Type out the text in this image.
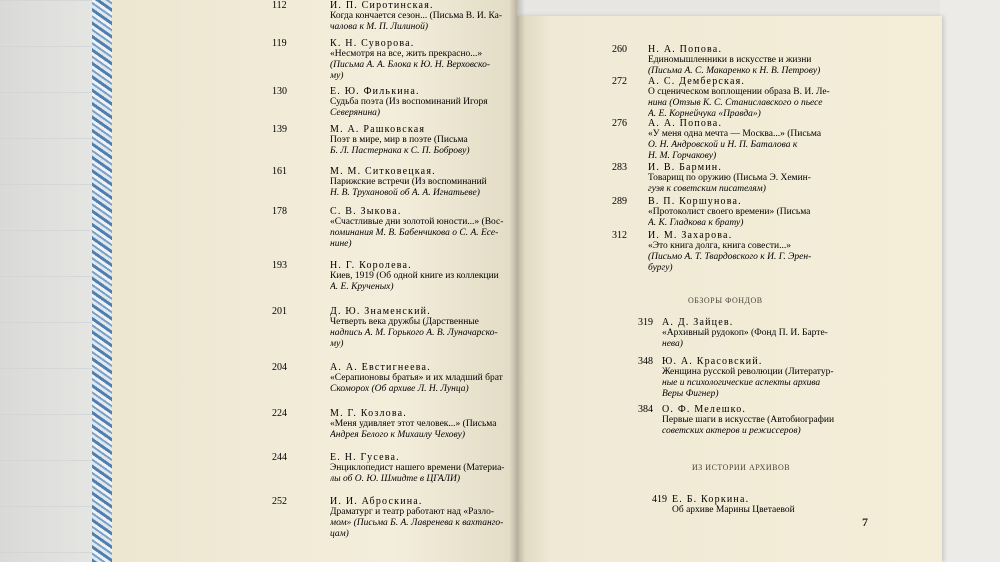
112	И. П. Сиротинская.
Когда кончается сезон... (Письма В. И. Ка-
чалова к М. П. Лилиной)
119	К. Н. Суворова.
«Несмотря на все, жить прекрасно...»
(Письма А. А. Блока к Ю. Н. Верховско-
му)
130	Е. Ю. Филькина.
Судьба поэта (Из воспоминаний Игоря
Северянина)
139	М. А. Рашковская
Поэт в мире, мир в поэте (Письма
Б. Л. Пастернака к С. П. Боброву)
161	М. М. Ситковецкая.
Парижские встречи (Из воспоминаний
Н. В. Трухановой об А. А. Игнатьеве)
178	С. В. Зыкова.
«Счастливые дни золотой юности...» (Вос-
поминания М. В. Бабенчикова о С. А. Есе-
нине)
193	Н. Г. Королева.
Киев, 1919 (Об одной книге из коллекции
А. Е. Крученых)
201	Д. Ю. Знаменский.
Четверть века дружбы (Дарственные
надпись А. М. Горького А. В. Луначарско-
му)
204	А. А. Евстигнеева.
«Серапионовы братья» и их младший брат
Скоморох (Об архиве Л. Н. Лунца)
224	М. Г. Козлова.
«Меня удивляет этот человек...» (Письма
Андрея Белого к Михаилу Чехову)
244	Е. Н. Гусева.
Энциклопедист нашего времени (Материа-
лы об О. Ю. Шмидте в ЦГАЛИ)
252	И. И. Аброскина.
Драматург и театр работают над «Разло-
мом» (Письма Б. А. Лавренева к вахтанго-
цам)
260 Н. А. Попова.
Единомышленники в искусстве и жизни
(Письма А. С. Макаренко к Н. В. Петрову)
272 А. С. Демберская.
О сценическом воплощении образа В. И. Ле-
нина (Отзыв К. С. Станиславского о пьесе
А. Е. Корнейчука «Правда»)
276 А. А. Попова.
«У меня одна мечта — Москва...» (Письма
О. Н. Андровской и Н. П. Баталова к
Н. М. Горчакову)
283 И. В. Бармин.
Товарищ по оружию (Письма Э. Хемин-
гуэя к советским писателям)
289 В. П. Коршунова.
«Протоколист своего времени» (Письма
А. К. Гладкова к брату)
312 И. М. Захарова.
«Это книга долга, книга совести...»
(Письмо А. Т. Твардовского к И. Г. Эрен-
бургу)
319 А. Д. Зайцев.
«Архивный рудокоп» (Фонд П. И. Барте-
нева)
348 Ю. А. Красовский.
Женщина русской революции (Литератур-
ные и психологические аспекты архива
Веры Фигнер)
384 О. Ф. Мелешко.
Первые шаги в искусстве (Автобиографии
советских актеров и режиссеров)
419 Е. Б. Коркина.
Об архиве Марины Цветаевой
ОБЗОРЫ ФОНДОВ
ИЗ ИСТОРИИ АРХИВОВ
7
